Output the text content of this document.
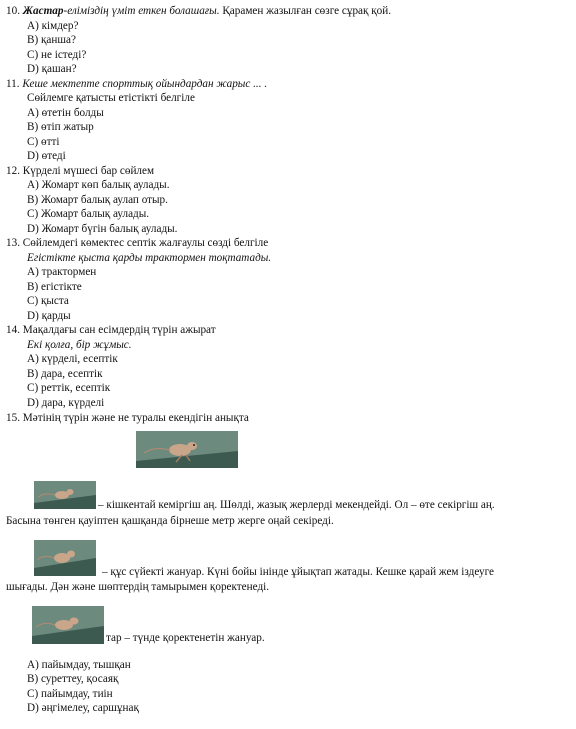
10. Жастар-еліміздің үміт еткен болашағы. Қарамен жазылған сөзге сұрақ қой.
A) кімдер?
B) қанша?
C) не істеді?
D) қашан?
11. Кеше мектепте спорттық ойындардан жарыс ... .
Сөйлемге қатысты етістікті белгіле
A) өтетін болды
B) өтіп жатыр
C) өтті
D) өтеді
12. Күрделі мүшесі бар сөйлем
A) Жомарт көп балық аулады.
B) Жомарт балық аулап отыр.
C) Жомарт балық аулады.
D) Жомарт бүгін балық аулады.
13. Сөйлемдегі көмектес септік жалғаулы сөзді белгіле
Егістікте қыста қарды трактормен тоқтатады.
A) трактормен
B) егістікте
C) қыста
D) қарды
14. Мақалдағы сан есімдердің түрін ажырат
Екі қолға, бір жұмыс.
A) күрделі, есептік
B) дара, есептік
C) реттік, есептік
D) дара, күрделі
15. Мәтінің түрін және не туралы екендігін анықта
– кішкентай кеміргіш аң. Шөлді, жазық жерлерді мекендейді. Ол – өте секіргіш аң.
Басына төнген қауіптен қашқанда бірнеше метр жерге оңай секіреді.
– құс сүйекті жануар. Күні бойы інінде ұйықтап жатады. Кешке қарай жем іздеуге
шығады. Дән және шөптердің тамырымен қоректенеді.
тар – түнде қоректенетін жануар.
A) пайымдау, тышқан
B) суреттеу, қосаяқ
C) пайымдау, тиін
D) әңгімелеу, саршұнақ
